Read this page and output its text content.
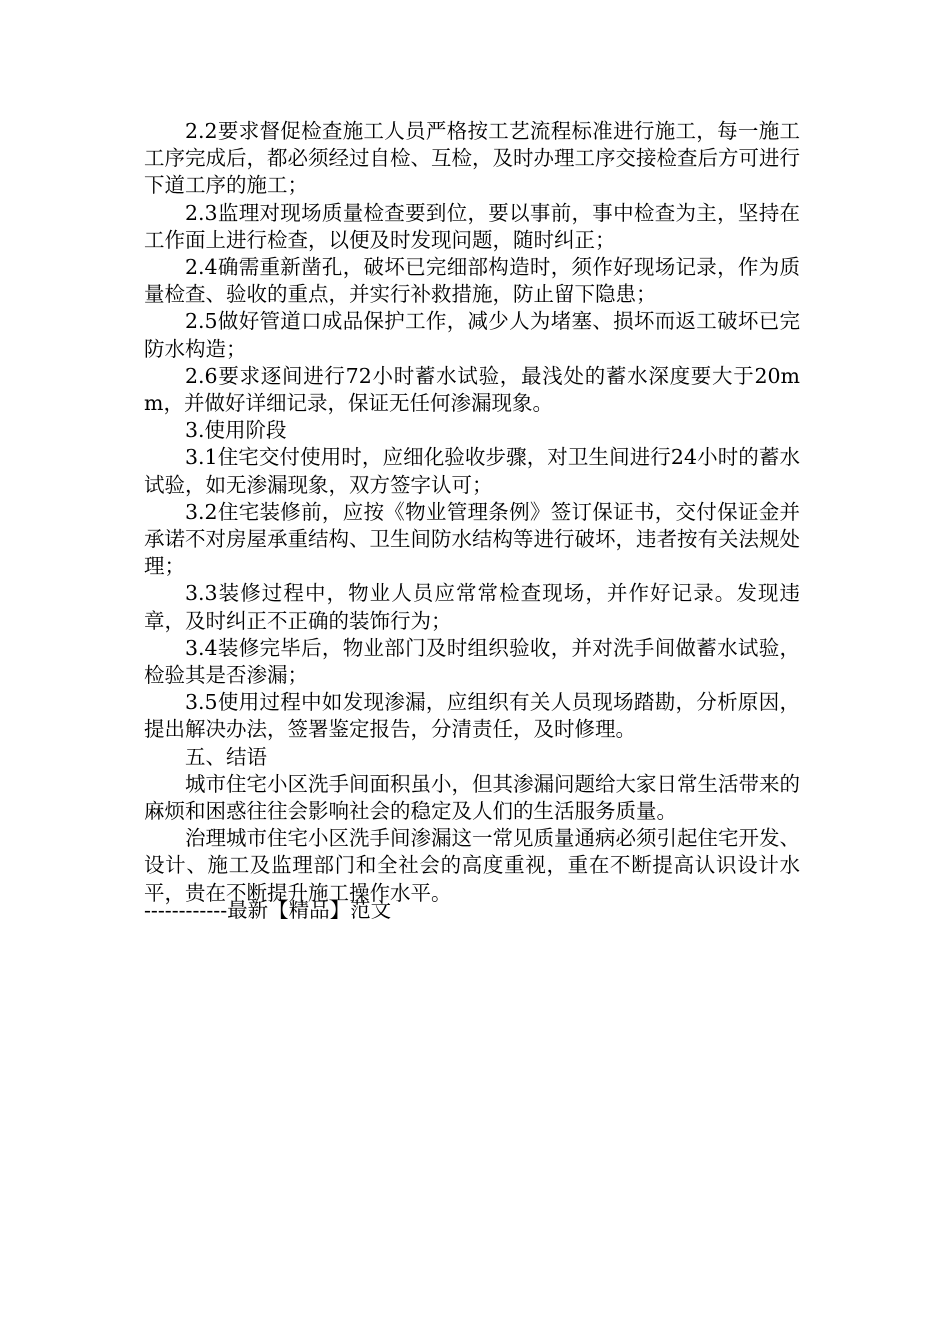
2.2要求督促检查施工人员严格按工艺流程标准进行施工，每一施工工序完成后，都必须经过自检、互检，及时办理工序交接检查后方可进行下道工序的施工；

2.3监理对现场质量检查要到位，要以事前，事中检查为主，坚持在工作面上进行检查，以便及时发现问题，随时纠正；

2.4确需重新凿孔，破坏已完细部构造时，须作好现场记录，作为质量检查、验收的重点，并实行补救措施，防止留下隐患；

2.5做好管道口成品保护工作，减少人为堵塞、损坏而返工破坏已完防水构造；

2.6要求逐间进行72小时蓄水试验，最浅处的蓄水深度要大于20mm，并做好详细记录，保证无任何渗漏现象。

3.使用阶段

3.1住宅交付使用时，应细化验收步骤，对卫生间进行24小时的蓄水试验，如无渗漏现象，双方签字认可；

3.2住宅装修前，应按《物业管理条例》签订保证书，交付保证金并承诺不对房屋承重结构、卫生间防水结构等进行破坏，违者按有关法规处理；

3.3装修过程中，物业人员应常常检查现场，并作好记录。发现违章，及时纠正不正确的装饰行为；

3.4装修完毕后，物业部门及时组织验收，并对洗手间做蓄水试验，检验其是否渗漏；

3.5使用过程中如发现渗漏，应组织有关人员现场踏勘，分析原因，提出解决办法，签署鉴定报告，分清责任，及时修理。

五、结语

城市住宅小区洗手间面积虽小，但其渗漏问题给大家日常生活带来的麻烦和困惑往往会影响社会的稳定及人们的生活服务质量。

治理城市住宅小区洗手间渗漏这一常见质量通病必须引起住宅开发、设计、施工及监理部门和全社会的高度重视，重在不断提高认识设计水平，贵在不断提升施工操作水平。

------------最新【精品】范文
